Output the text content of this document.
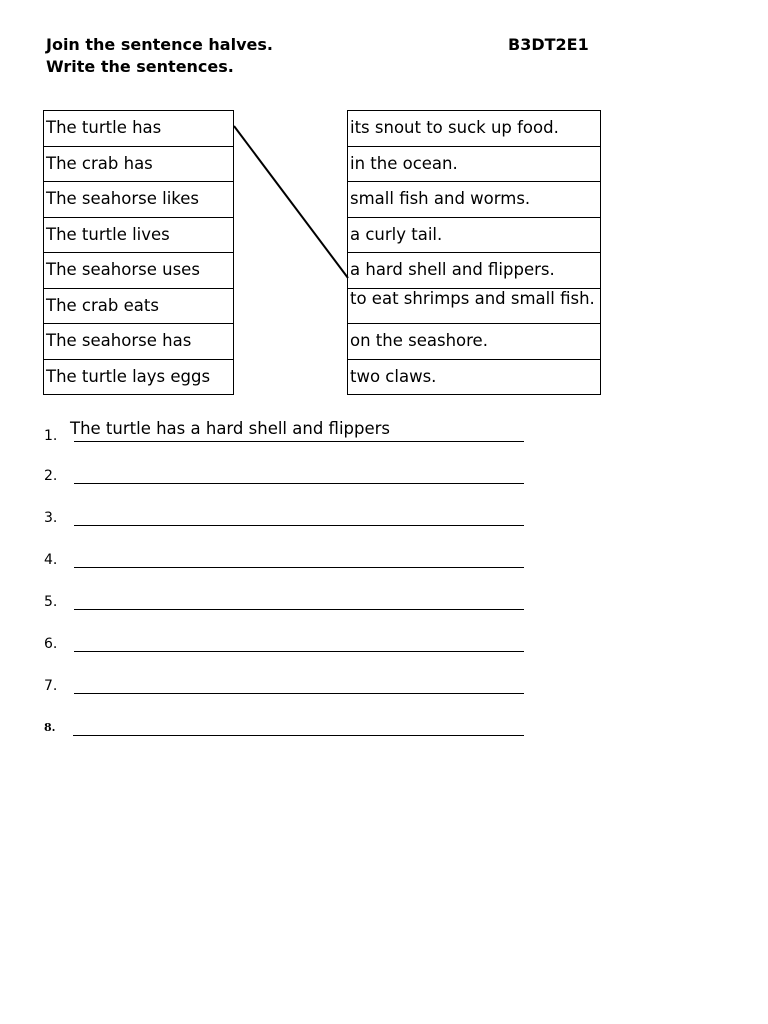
Join the sentence halves.
Write the sentences.
B3DT2E1
The turtle has
The crab has
The seahorse likes
The turtle lives
The seahorse uses
The crab eats
The seahorse has
The turtle lays eggs
its snout to suck up food.
in the ocean.
small fish and worms.
a curly tail.
a hard shell and flippers.
to eat shrimps and small fish.
on the seashore.
two claws.
1. The turtle has a hard shell and flippers
2.
3.
4.
5.
6.
7.
8.
